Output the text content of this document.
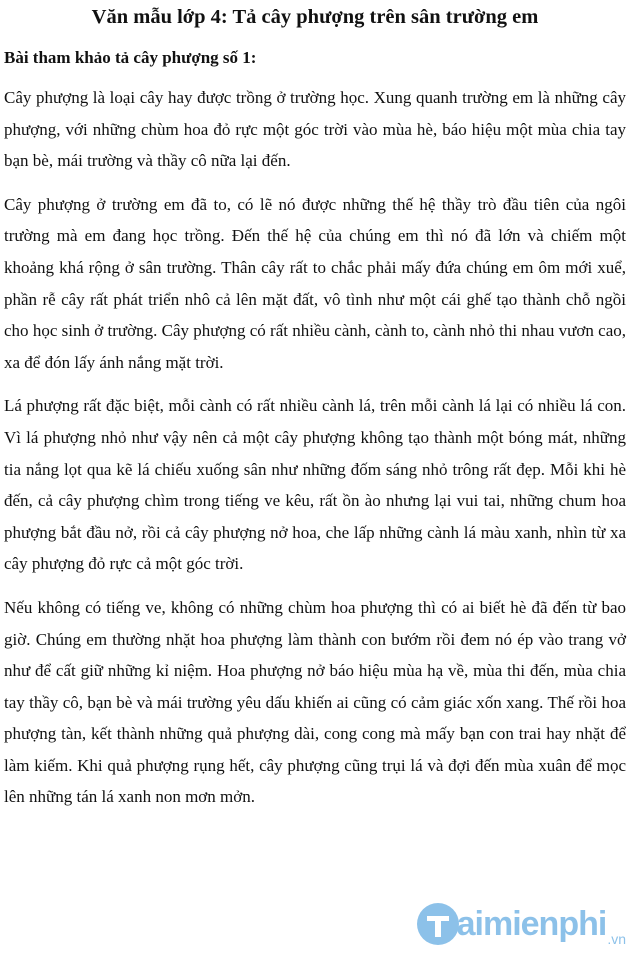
Văn mẫu lớp 4: Tả cây phượng trên sân trường em

Bài tham khảo tả cây phượng số 1:

Cây phượng là loại cây hay được trồng ở trường học. Xung quanh trường em là những cây phượng, với những chùm hoa đỏ rực một góc trời vào mùa hè, báo hiệu một mùa chia tay bạn bè, mái trường và thầy cô nữa lại đến.

Cây phượng ở trường em đã to, có lẽ nó được những thế hệ thầy trò đầu tiên của ngôi trường mà em đang học trồng. Đến thế hệ của chúng em thì nó đã lớn và chiếm một khoảng khá rộng ở sân trường. Thân cây rất to chắc phải mấy đứa chúng em ôm mới xuể, phần rễ cây rất phát triển nhô cả lên mặt đất, vô tình như một cái ghế tạo thành chỗ ngồi cho học sinh ở trường. Cây phượng có rất nhiều cành, cành to, cành nhỏ thi nhau vươn cao, xa để đón lấy ánh nắng mặt trời.

Lá phượng rất đặc biệt, mỗi cành có rất nhiều cành lá, trên mỗi cành lá lại có nhiều lá con. Vì lá phượng nhỏ như vậy nên cả một cây phượng không tạo thành một bóng mát, những tia nắng lọt qua kẽ lá chiếu xuống sân như những đốm sáng nhỏ trông rất đẹp. Mỗi khi hè đến, cả cây phượng chìm trong tiếng ve kêu, rất ồn ào nhưng lại vui tai, những chum hoa phượng bắt đầu nở, rồi cả cây phượng nở hoa, che lấp những cành lá màu xanh, nhìn từ xa cây phượng đỏ rực cả một góc trời.

Nếu không có tiếng ve, không có những chùm hoa phượng thì có ai biết hè đã đến từ bao giờ. Chúng em thường nhặt hoa phượng làm thành con bướm rồi đem nó ép vào trang vở như để cất giữ những kỉ niệm. Hoa phượng nở báo hiệu mùa hạ về, mùa thi đến, mùa chia tay thầy cô, bạn bè và mái trường yêu dấu khiến ai cũng có cảm giác xốn xang. Thế rồi hoa phượng tàn, kết thành những quả phượng dài, cong cong mà mấy bạn con trai hay nhặt để làm kiếm. Khi quả phượng rụng hết, cây phượng cũng trụi lá và đợi đến mùa xuân để mọc lên những tán lá xanh non mơn mởn.

aimienphi .vn
